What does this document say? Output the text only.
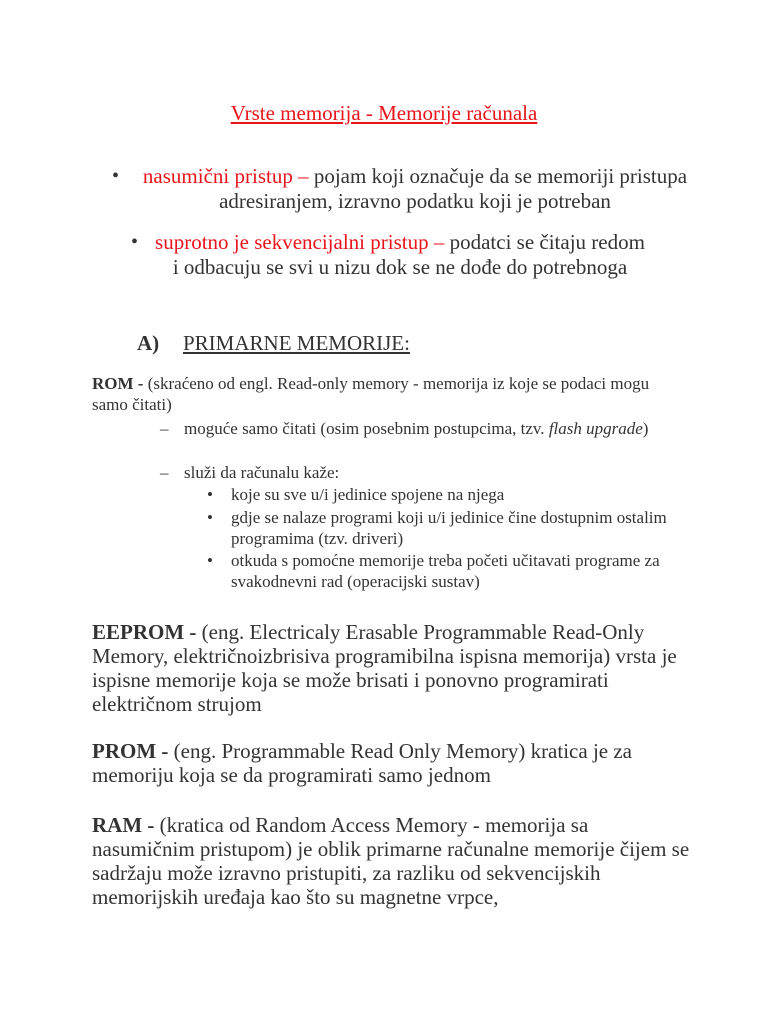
Vrste memorija - Memorije računala
• nasumični pristup – pojam koji označuje da se memoriji pristupa adresiranjem, izravno podatku koji je potreban
• suprotno je sekvencijalni pristup – podatci se čitaju redom i odbacuju se svi u nizu dok se ne dođe do potrebnoga
A) PRIMARNE MEMORIJE:
ROM - (skraćeno od engl. Read-only memory - memorija iz koje se podaci mogu samo čitati)
– moguće samo čitati (osim posebnim postupcima, tzv. flash upgrade)
– služi da računalu kaže:
• koje su sve u/i jedinice spojene na njega
• gdje se nalaze programi koji u/i jedinice čine dostupnim ostalim programima (tzv. driveri)
• otkuda s pomoćne memorije treba početi učitavati programe za svakodnevni rad (operacijski sustav)
EEPROM - (eng. Electricaly Erasable Programmable Read-Only Memory, električnoizbrisiva programibilna ispisna memorija) vrsta je ispisne memorije koja se može brisati i ponovno programirati električnom strujom
PROM - (eng. Programmable Read Only Memory) kratica je za memoriju koja se da programirati samo jednom
RAM - (kratica od Random Access Memory - memorija sa nasumičnim pristupom) je oblik primarne računalne memorije čijem se sadržaju može izravno pristupiti, za razliku od sekvencijskih memorijskih uređaja kao što su magnetne vrpce,
